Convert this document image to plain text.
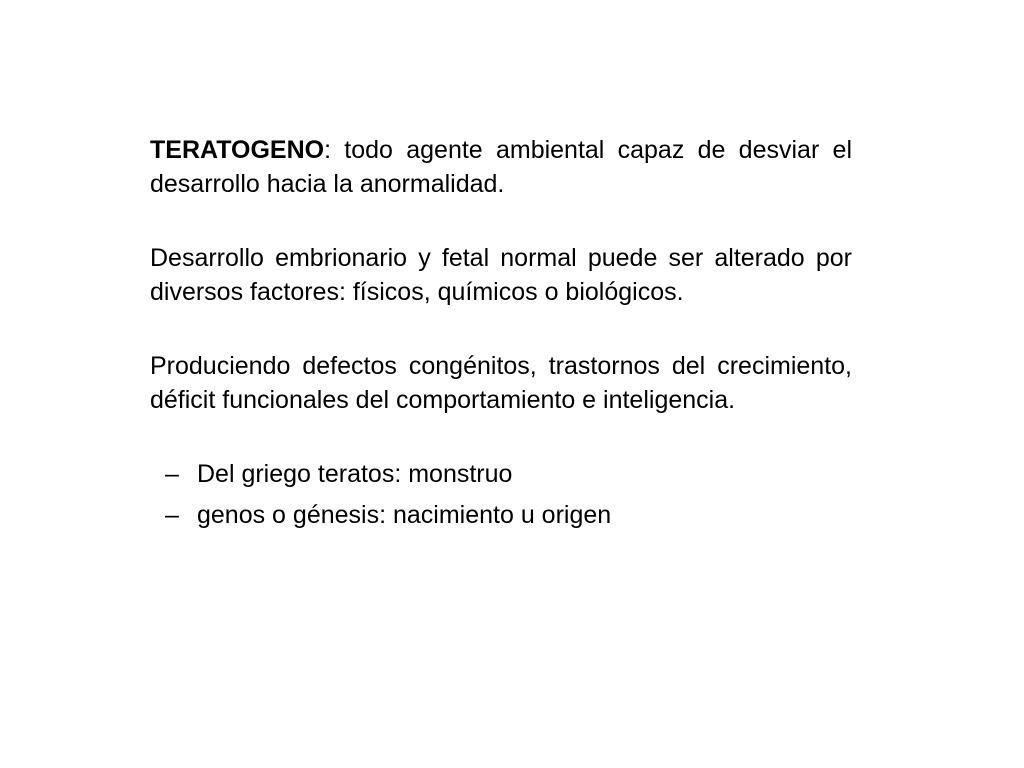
TERATOGENO: todo agente ambiental capaz de desviar el desarrollo hacia la anormalidad.

Desarrollo embrionario y fetal normal puede ser alterado por diversos factores: físicos, químicos o biológicos.

Produciendo defectos congénitos, trastornos del crecimiento, déficit funcionales del comportamiento e inteligencia.

– Del griego teratos: monstruo
– genos o génesis: nacimiento u origen
